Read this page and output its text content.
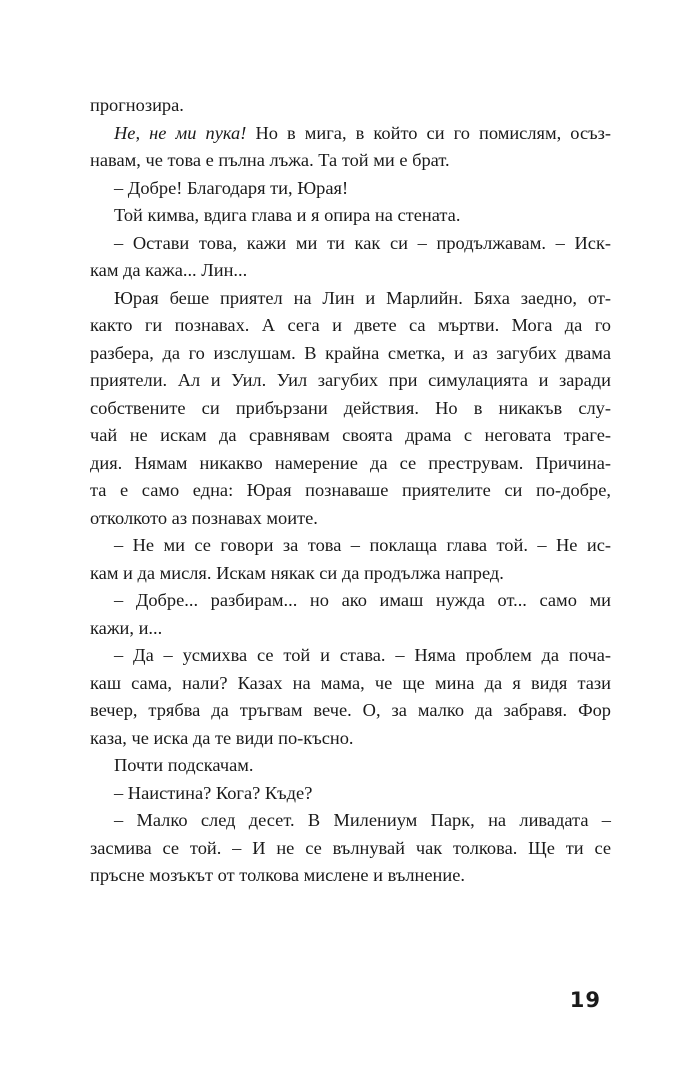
прогнозира.
Не, не ми пука! Но в мига, в който си го помислям, осъз-
навам, че това е пълна лъжа. Та той ми е брат.
– Добре! Благодаря ти, Юрая!
Той кимва, вдига глава и я опира на стената.
– Остави това, кажи ми ти как си – продължавам. – Иск-
кам да кажа... Лин...
Юрая беше приятел на Лин и Марлийн. Бяха заедно, от-
както ги познавах. А сега и двете са мъртви. Мога да го
разбера, да го изслушам. В крайна сметка, и аз загубих двама
приятели. Ал и Уил. Уил загубих при симулацията и заради
собствените си прибързани действия. Но в никакъв слу-
чай не искам да сравнявам своята драма с неговата траге-
дия. Нямам никакво намерение да се преструвам. Причина-
та е само една: Юрая познаваше приятелите си по-добре,
отколкото аз познавах моите.
– Не ми се говори за това – поклаща глава той. – Не ис-
кам и да мисля. Искам някак си да продължа напред.
– Добре... разбирам... но ако имаш нужда от... само ми
кажи, и...
– Да – усмихва се той и става. – Няма проблем да поча-
каш сама, нали? Казах на мама, че ще мина да я видя тази
вечер, трябва да тръгвам вече. О, за малко да забравя. Фор
каза, че иска да те види по-късно.
Почти подскачам.
– Наистина? Кога? Къде?
– Малко след десет. В Милениум Парк, на ливадата –
засмива се той. – И не се вълнувай чак толкова. Ще ти се
пръсне мозъкът от толкова мислене и вълнение.
19
